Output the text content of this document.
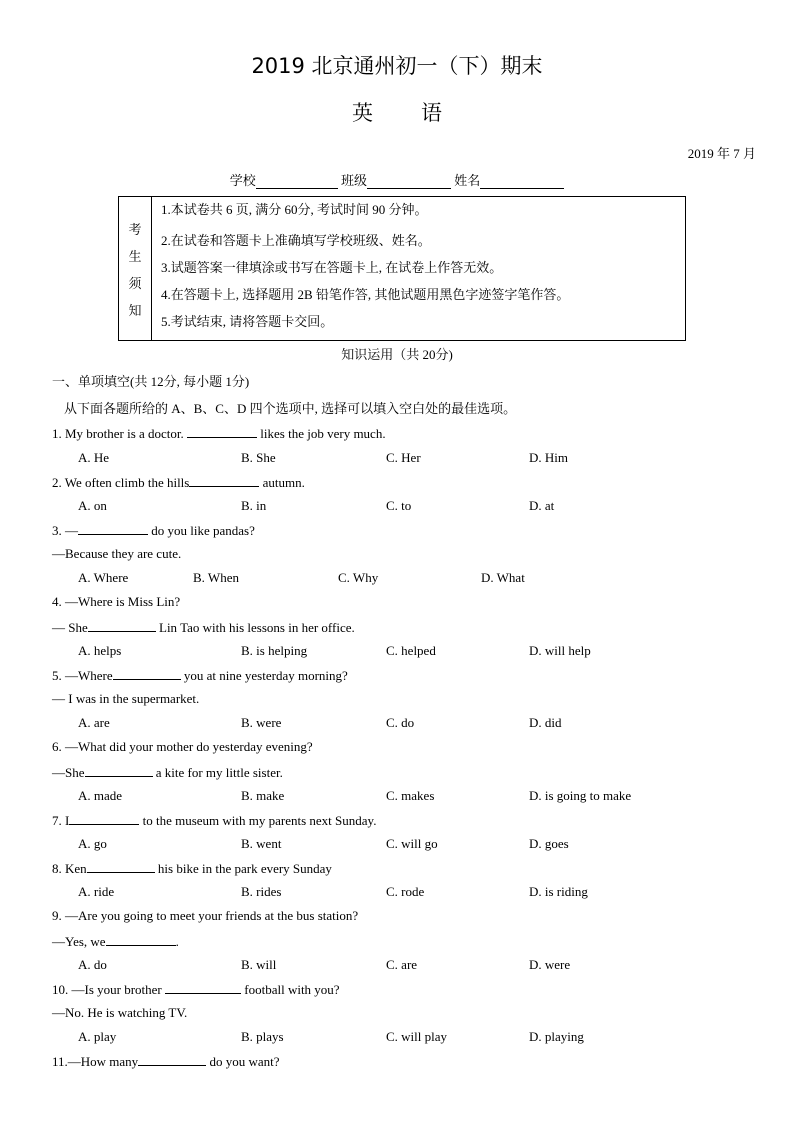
2019 北京通州初一（下）期末
英语
2019 年 7 月
学校	班级	姓名
考
生
须
知
1.本试卷共 6 页, 满分 60分, 考试时间 90 分钟。
2.在试卷和答题卡上准确填写学校班级、姓名。
3.试题答案一律填涂或书写在答题卡上, 在试卷上作答无效。
4.在答题卡上, 选择题用 2B 铅笔作答, 其他试题用黑色字迹签字笔作答。
5.考试结束, 请将答题卡交回。
知识运用（共 20分)
一、单项填空(共 12分, 每小题 1分)
从下面各题所给的 A、B、C、D 四个选项中, 选择可以填入空白处的最佳选项。
1. My brother is a doctor.	likes the job very much.
A. He	B. She	C. Her	D. Him
2. We often climb the hills	autumn.
A. on	B. in	C. to	D. at
3. —	do you like pandas?
—Because they are cute.
A. Where	B. When	C. Why	D. What
4. —Where is Miss Lin?
— She	Lin Tao with his lessons in her office.
A. helps	B. is helping	C. helped	D. will help
5. —Where	you at nine yesterday morning?
— I was in the supermarket.
A. are	B. were	C. do	D. did
6. —What did your mother do yesterday evening?
—She	a kite for my little sister.
A. made	B. make	C. makes	D. is going to make
7. I	to the museum with my parents next Sunday.
A. go	B. went	C. will go	D. goes
8. Ken	his bike in the park every Sunday
A. ride	B. rides	C. rode	D. is riding
9. —Are you going to meet your friends at the bus station?
—Yes, we	.
A. do	B. will	C. are	D. were
10. —Is your brother	football with you?
—No. He is watching TV.
A. play	B. plays	C. will play	D. playing
11.—How many	do you want?
